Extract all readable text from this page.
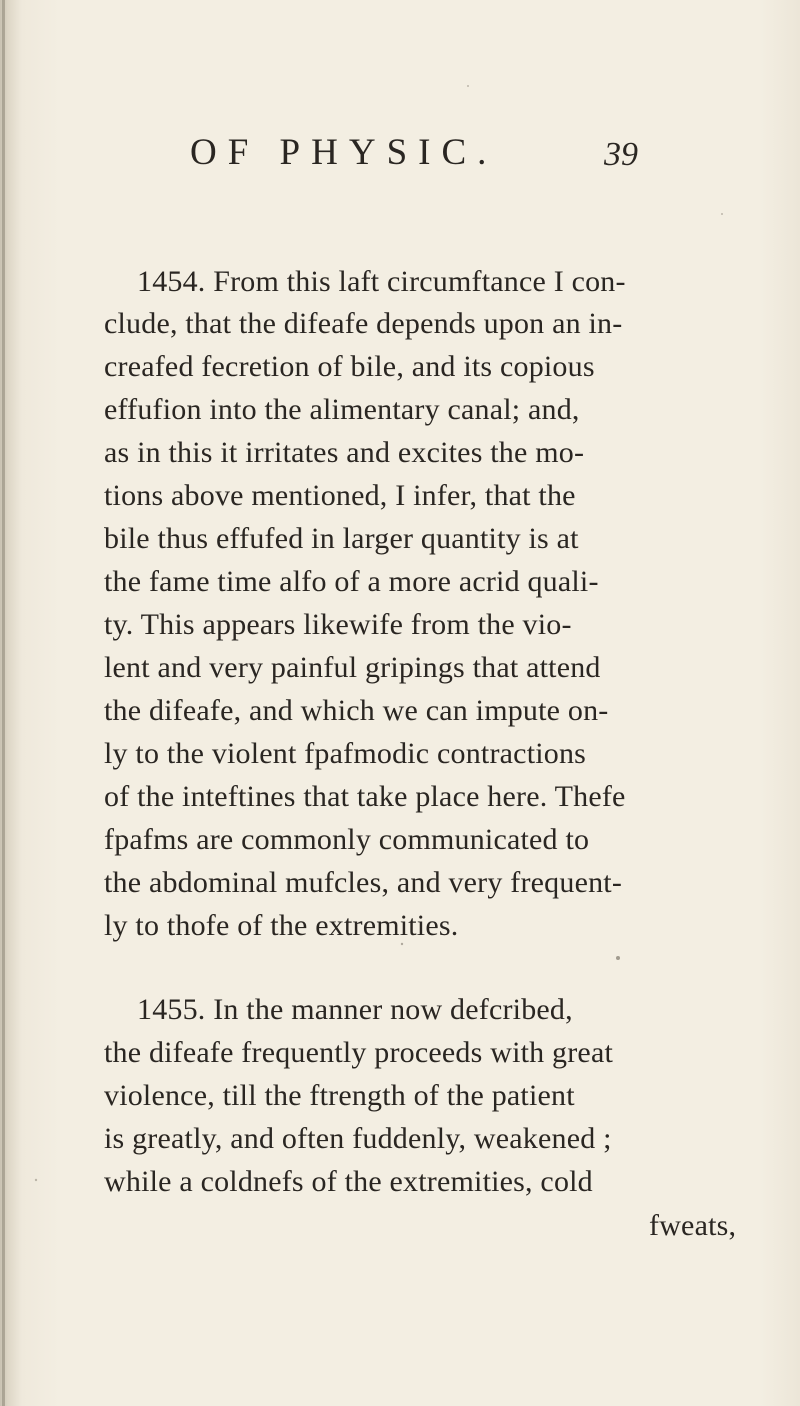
OF PHYSIC.	39
1454. From this laft circumftance I con-
clude, that the difeafe depends upon an in-
creafed fecretion of bile, and its copious
effufion into the alimentary canal; and,
as in this it irritates and excites the mo-
tions above mentioned, I infer, that the
bile thus effufed in larger quantity is at
the fame time alfo of a more acrid quali-
ty. This appears likewife from the vio-
lent and very painful gripings that attend
the difeafe, and which we can impute on-
ly to the violent fpafmodic contractions
of the inteftines that take place here. Thefe
fpafms are commonly communicated to
the abdominal mufcles, and very frequent-
ly to thofe of the extremities.
1455. In the manner now defcribed,
the difeafe frequently proceeds with great
violence, till the ftrength of the patient
is greatly, and often fuddenly, weakened ;
while a coldnefs of the extremities, cold
fweats,
